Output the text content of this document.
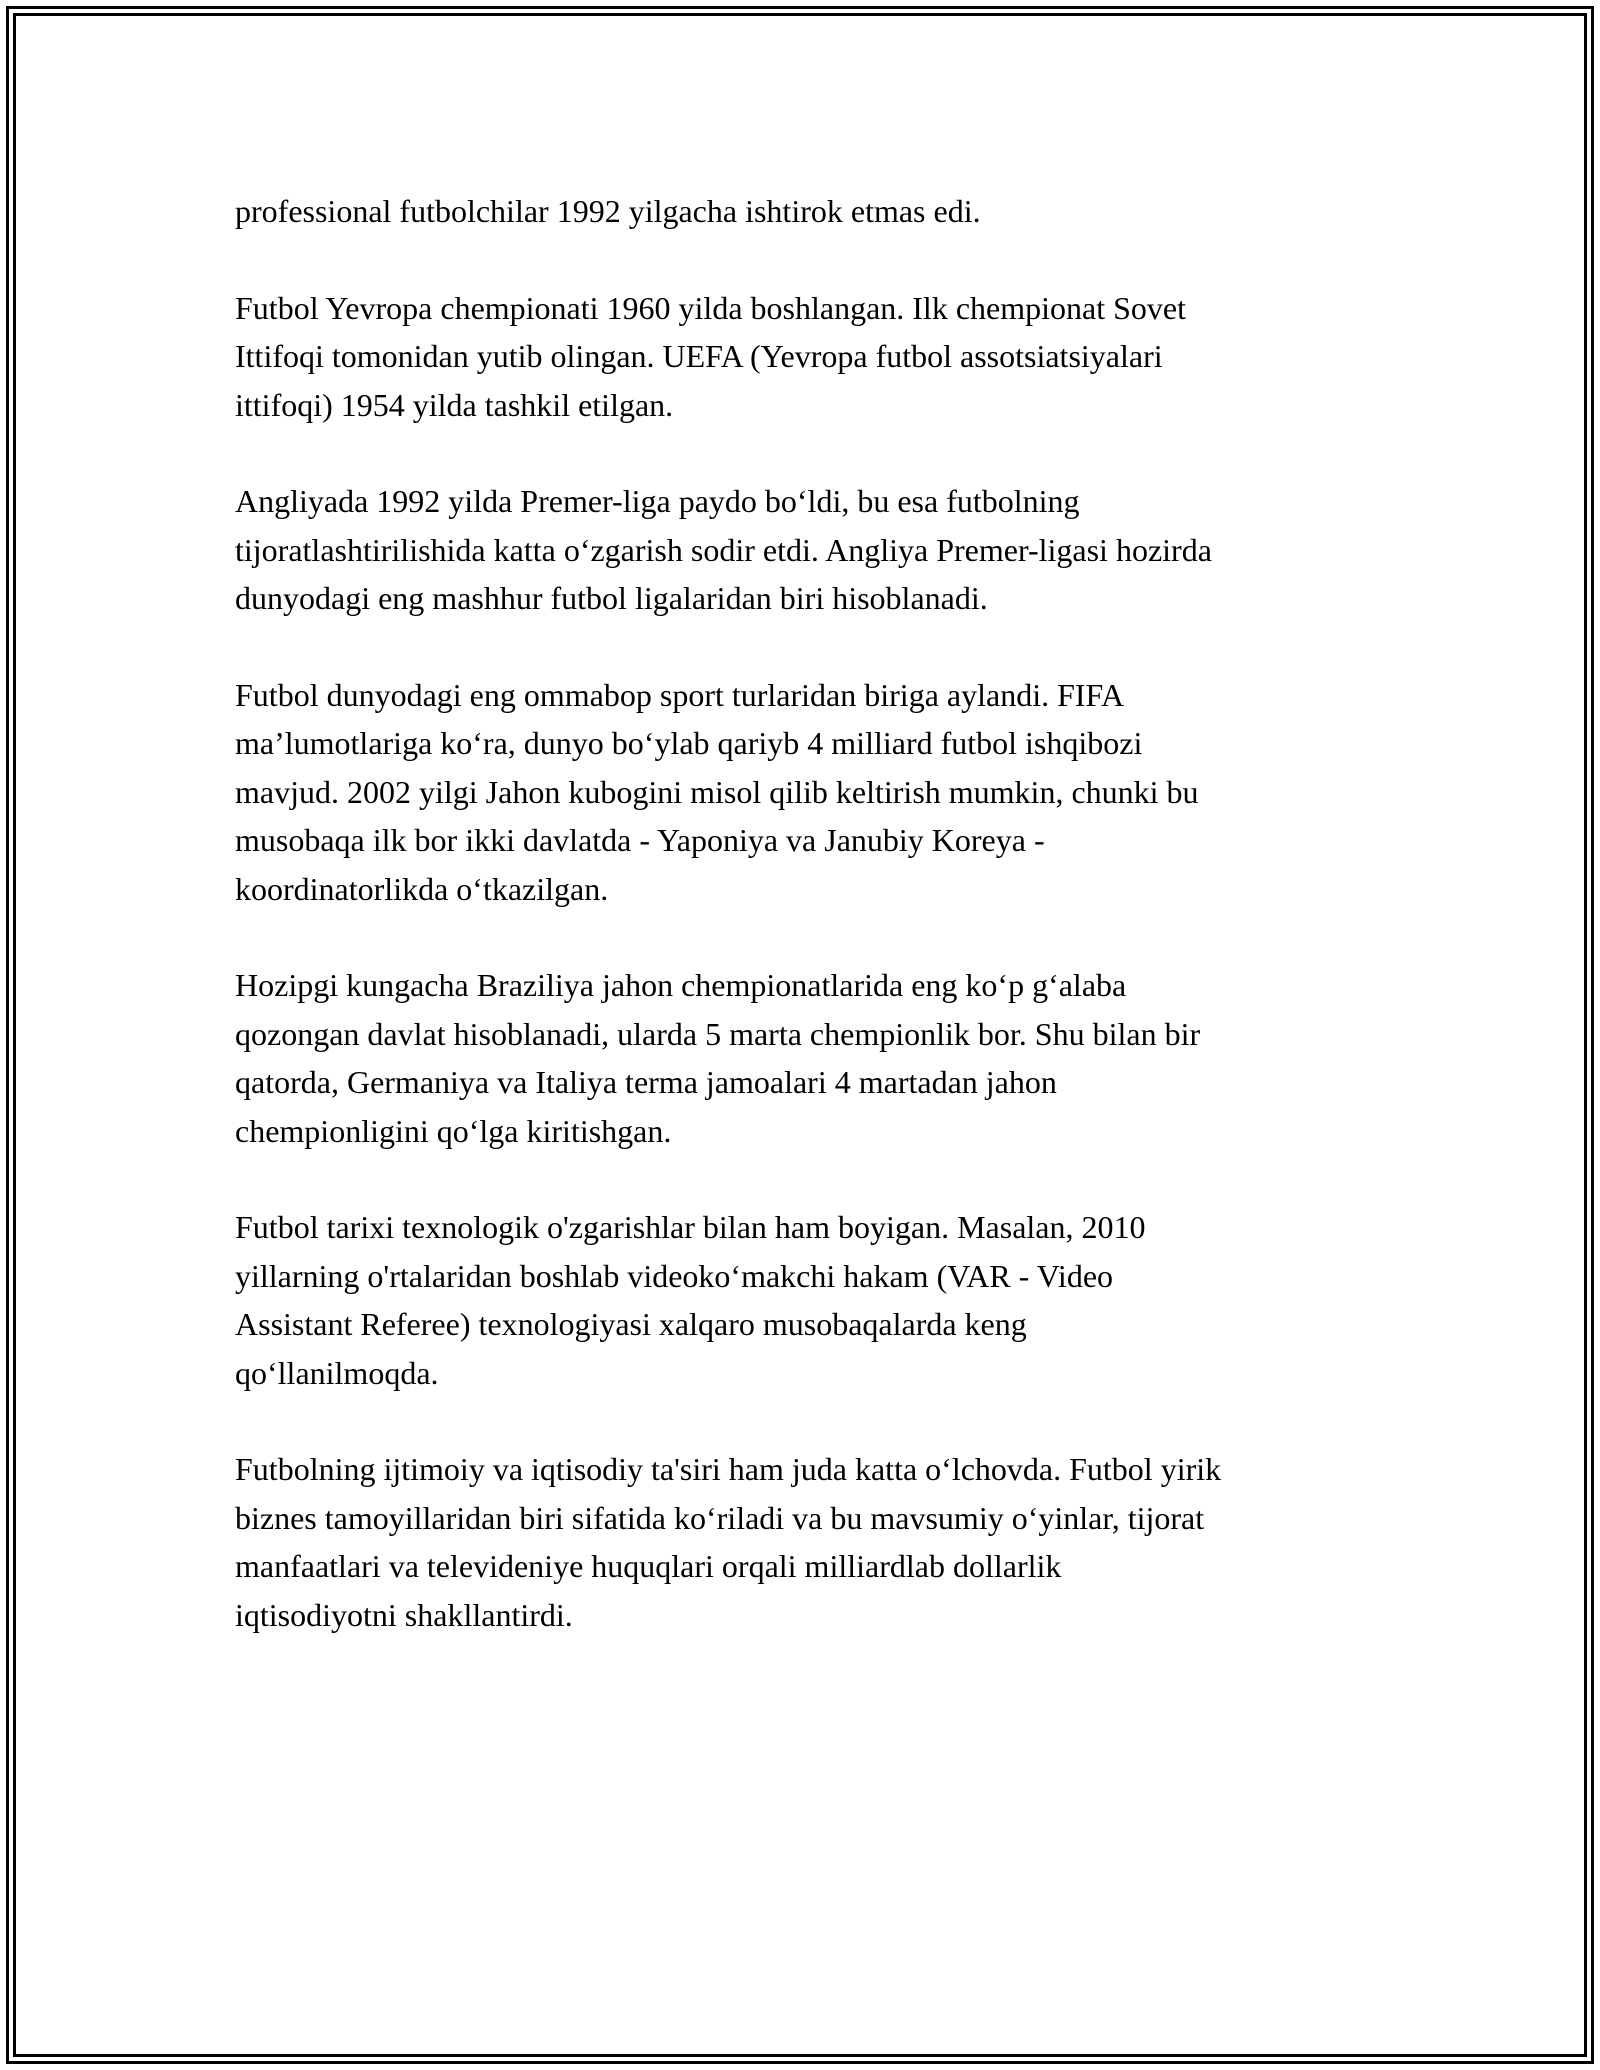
professional futbolchilar 1992 yilgacha ishtirok etmas edi.

Futbol Yevropa chempionati 1960 yilda boshlangan. Ilk chempionat Sovet
Ittifoqi tomonidan yutib olingan. UEFA (Yevropa futbol assotsiatsiyalari
ittifoqi) 1954 yilda tashkil etilgan.

Angliyada 1992 yilda Premer-liga paydo bo‘ldi, bu esa futbolning
tijoratlashtirilishida katta o‘zgarish sodir etdi. Angliya Premer-ligasi hozirda
dunyodagi eng mashhur futbol ligalaridan biri hisoblanadi.

Futbol dunyodagi eng ommabop sport turlaridan biriga aylandi. FIFA
ma’lumotlariga ko‘ra, dunyo bo‘ylab qariyb 4 milliard futbol ishqibozi
mavjud. 2002 yilgi Jahon kubogini misol qilib keltirish mumkin, chunki bu
musobaqa ilk bor ikki davlatda - Yaponiya va Janubiy Koreya -
koordinatorlikda o‘tkazilgan.

Hozipgi kungacha Braziliya jahon chempionatlarida eng ko‘p g‘alaba
qozongan davlat hisoblanadi, ularda 5 marta chempionlik bor. Shu bilan bir
qatorda, Germaniya va Italiya terma jamoalari 4 martadan jahon
chempionligini qo‘lga kiritishgan.

Futbol tarixi texnologik o'zgarishlar bilan ham boyigan. Masalan, 2010
yillarning o'rtalaridan boshlab videoko‘makchi hakam (VAR - Video
Assistant Referee) texnologiyasi xalqaro musobaqalarda keng
qo‘llanilmoqda.

Futbolning ijtimoiy va iqtisodiy ta'siri ham juda katta o‘lchovda. Futbol yirik
biznes tamoyillaridan biri sifatida ko‘riladi va bu mavsumiy o‘yinlar, tijorat
manfaatlari va televideniye huquqlari orqali milliardlab dollarlik
iqtisodiyotni shakllantirdi.
